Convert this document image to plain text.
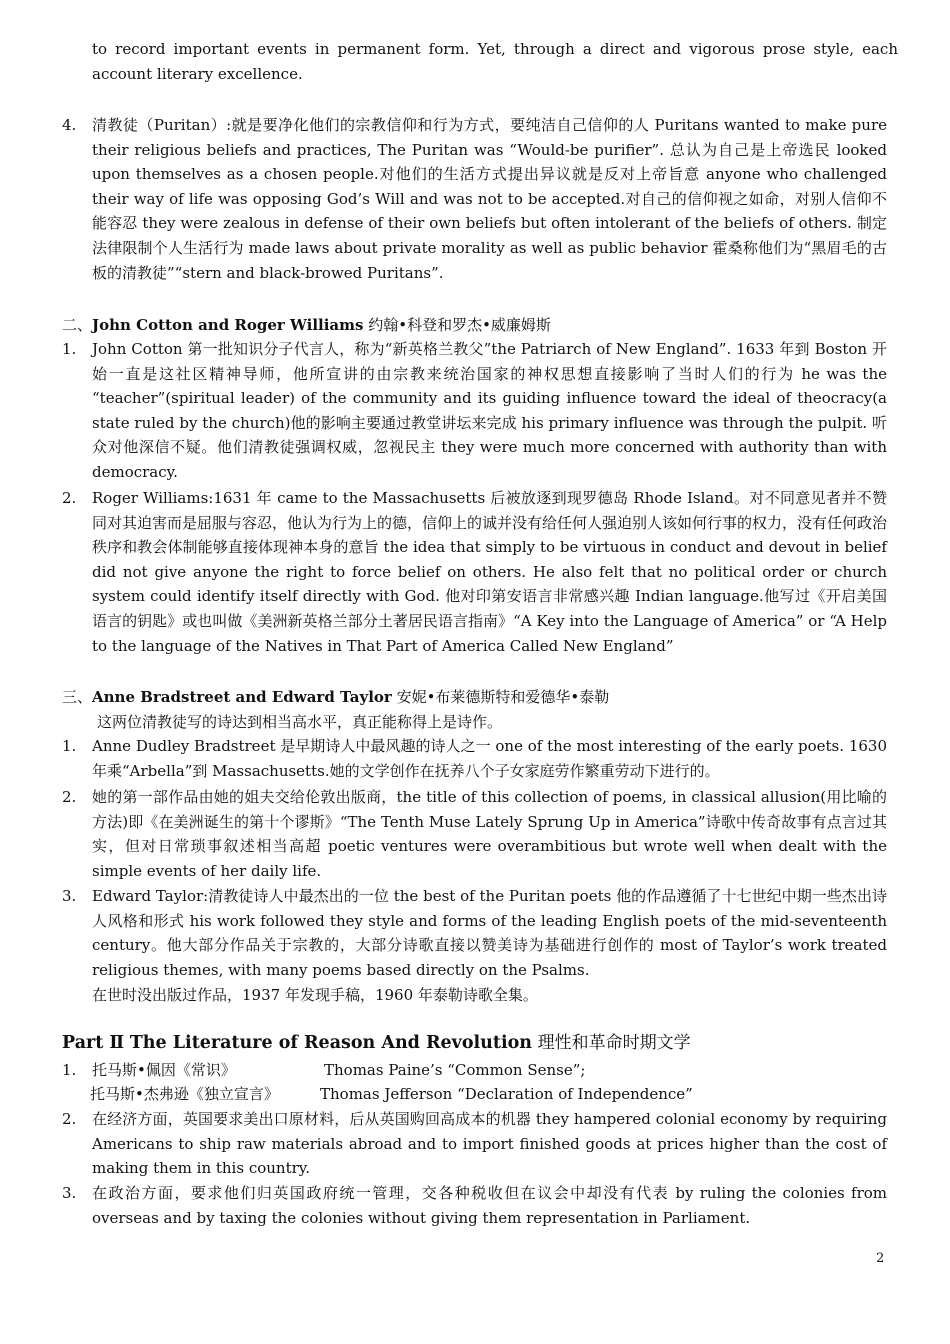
to record important events in permanent form. Yet, through a direct and vigorous prose style, each account literary excellence.

4.	清教徒（Puritan）:就是要净化他们的宗教信仰和行为方式，要纯洁自己信仰的人 Puritans wanted to make pure their religious beliefs and practices, The Puritan was “Would-be purifier”. 总认为自己是上帝选民 looked upon themselves as a chosen people.对他们的生活方式提出异议就是反对上帝旨意 anyone who challenged their way of life was opposing God’s Will and was not to be accepted.对自己的信仰视之如命，对别人信仰不能容忍 they were zealous in defense of their own beliefs but often intolerant of the beliefs of others. 制定法律限制个人生活行为 made laws about private morality as well as public behavior 霍桑称他们为“黑眉毛的古板的清教徒”“stern and black-browed Puritans”.

二、John Cotton and Roger Williams 约翰•科登和罗杰•威廉姆斯
1.	John Cotton 第一批知识分子代言人，称为“新英格兰教父”the Patriarch of New England”. 1633 年到 Boston 开始一直是这社区精神导师，他所宣讲的由宗教来统治国家的神权思想直接影响了当时人们的行为 he was the “teacher”(spiritual leader) of the community and its guiding influence toward the ideal of theocracy(a state ruled by the church)他的影响主要通过教堂讲坛来完成 his primary influence was through the pulpit. 听众对他深信不疑。他们清教徒强调权威，忽视民主 they were much more concerned with authority than with democracy.

2.	Roger Williams:1631 年 came to the Massachusetts 后被放逐到现罗德岛 Rhode Island。对不同意见者并不赞同对其迫害而是屈服与容忍，他认为行为上的德，信仰上的诚并没有给任何人强迫别人该如何行事的权力，没有任何政治秩序和教会体制能够直接体现神本身的意旨 the idea that simply to be virtuous in conduct and devout in belief did not give anyone the right to force belief on others. He also felt that no political order or church system could identify itself directly with God. 他对印第安语言非常感兴趣 Indian language.他写过《开启美国语言的钥匙》或也叫做《美洲新英格兰部分土著居民语言指南》“A Key into the Language of America” or “A Help to the language of the Natives in That Part of America Called New England”

三、Anne Bradstreet and Edward Taylor 安妮•布莱德斯特和爱德华•泰勒

这两位清教徒写的诗达到相当高水平，真正能称得上是诗作。

1.	Anne Dudley Bradstreet 是早期诗人中最风趣的诗人之一 one of the most interesting of the early poets. 1630 年乘“Arbella”到 Massachusetts.她的文学创作在抚养八个子女家庭劳作繁重劳动下进行的。

2.	她的第一部作品由她的姐夫交给伦敦出版商，the title of this collection of poems, in classical allusion(用比喻的方法)即《在美洲诞生的第十个谬斯》“The Tenth Muse Lately Sprung Up in America”诗歌中传奇故事有点言过其实，但对日常琐事叙述相当高超 poetic ventures were overambitious but wrote well when dealt with the simple events of her daily life.

3.	Edward Taylor:清教徒诗人中最杰出的一位 the best of the Puritan poets 他的作品遵循了十七世纪中期一些杰出诗人风格和形式 his work followed they style and forms of the leading English poets of the mid-seventeenth century。他大部分作品关于宗教的，大部分诗歌直接以赞美诗为基础进行创作的 most of Taylor’s work treated religious themes, with many poems based directly on the Psalms.

在世时没出版过作品，1937 年发现手稿，1960 年泰勒诗歌全集。

Part Ⅱ The Literature of Reason And Revolution 理性和革命时期文学
1.	托马斯•佩因《常识》	Thomas Paine’s “Common Sense”;

托马斯•杰弗逊《独立宣言》	Thomas Jefferson “Declaration of Independence”

2.	在经济方面，英国要求美出口原材料，后从英国购回高成本的机器 they hampered colonial economy by requiring Americans to ship raw materials abroad and to import finished goods at prices higher than the cost of making them in this country.

3.	在政治方面，要求他们归英国政府统一管理，交各种税收但在议会中却没有代表 by ruling the colonies from overseas and by taxing the colonies without giving them representation in Parliament.

2
